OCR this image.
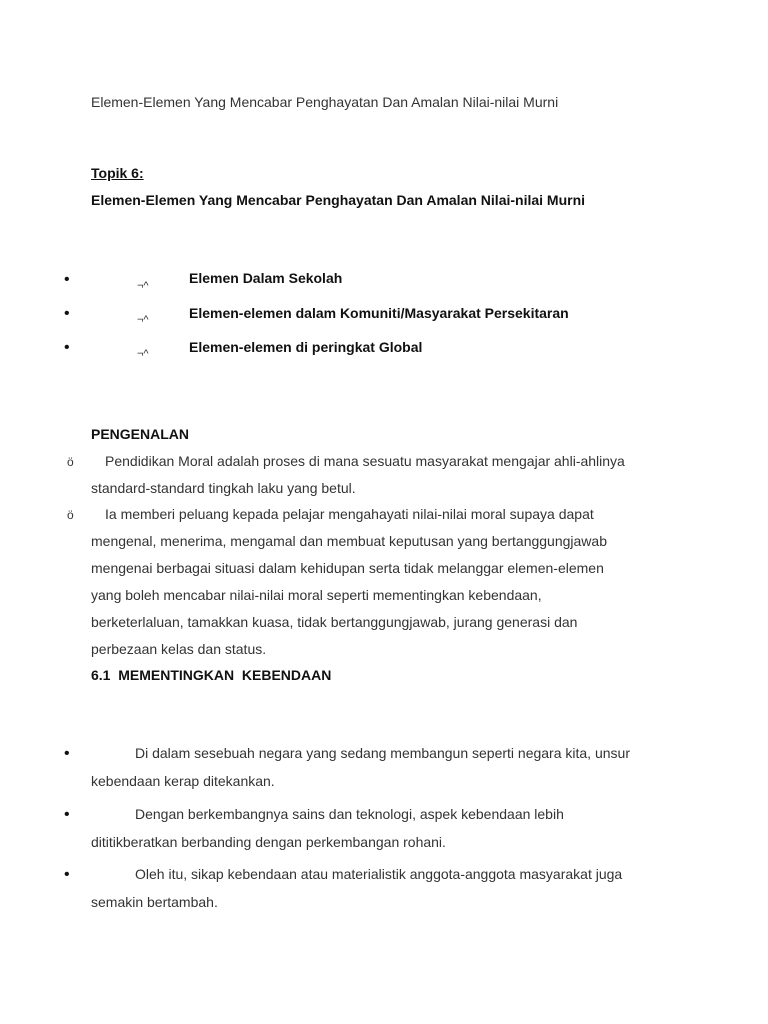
Elemen-Elemen Yang Mencabar Penghayatan Dan Amalan Nilai-nilai Murni
Topik 6:
Elemen-Elemen Yang Mencabar Penghayatan Dan Amalan Nilai-nilai Murni
•	¬^	Elemen Dalam Sekolah
•	¬^	Elemen-elemen dalam Komuniti/Masyarakat Persekitaran
•	¬^	Elemen-elemen di peringkat Global
PENGENALAN
ö Pendidikan Moral adalah proses di mana sesuatu masyarakat mengajar ahli-ahlinya
standard-standard tingkah laku yang betul.
ö Ia memberi peluang kepada pelajar mengahayati nilai-nilai moral supaya dapat
mengenal, menerima, mengamal dan membuat keputusan yang bertanggungjawab
mengenai berbagai situasi dalam kehidupan serta tidak melanggar elemen-elemen
yang boleh mencabar nilai-nilai moral seperti mementingkan kebendaan,
berketerlaluan, tamakkan kuasa, tidak bertanggungjawab, jurang generasi dan
perbezaan kelas dan status.
6.1  MEMENTINGKAN  KEBENDAAN
•	Di dalam sesebuah negara yang sedang membangun seperti negara kita, unsur
kebendaan kerap ditekankan.
•	Dengan berkembangnya sains dan teknologi, aspek kebendaan lebih
dititikberatkan berbanding dengan perkembangan rohani.
•	Oleh itu, sikap kebendaan atau materialistik anggota-anggota masyarakat juga
semakin bertambah.
